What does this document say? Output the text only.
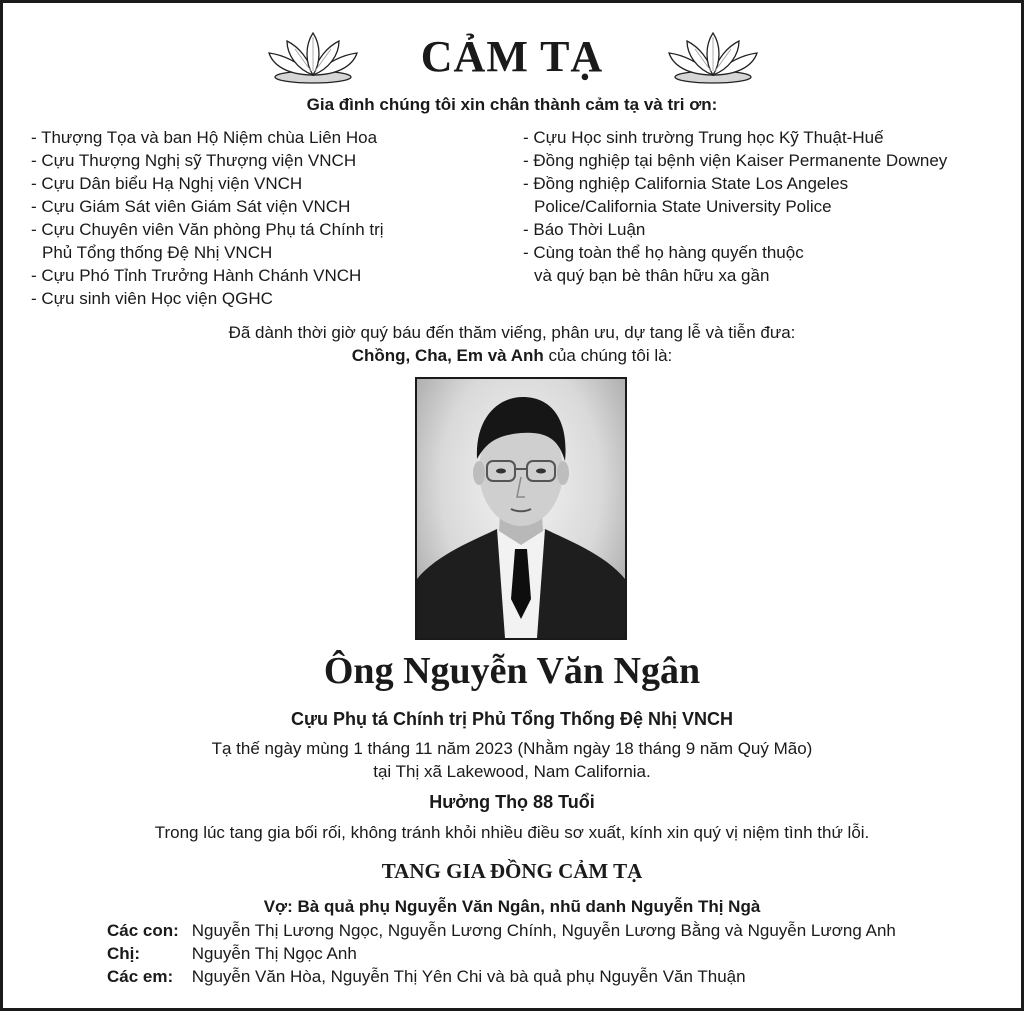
CẢM TẠ
Gia đình chúng tôi xin chân thành cảm tạ và tri ơn:
- Thượng Tọa và ban Hộ Niệm chùa Liên Hoa
- Cựu Thượng Nghị sỹ Thượng viện VNCH
- Cựu Dân biểu Hạ Nghị viện VNCH
- Cựu Giám Sát viên Giám Sát viện VNCH
- Cựu Chuyên viên Văn phòng Phụ tá Chính trị
Phủ Tổng thống Đệ Nhị VNCH
- Cựu Phó Tỉnh Trưởng Hành Chánh VNCH
- Cựu sinh viên Học viện QGHC
- Cựu Học sinh trường Trung học Kỹ Thuật-Huế
- Đồng nghiệp tại bệnh viện Kaiser Permanente Downey
- Đồng nghiệp California State Los Angeles
Police/California State University Police
- Báo Thời Luận
- Cùng toàn thể họ hàng quyến thuộc
và quý bạn bè thân hữu xa gần
Đã dành thời giờ quý báu đến thăm viếng, phân ưu, dự tang lễ và tiễn đưa:
Chồng, Cha, Em và Anh của chúng tôi là:
Ông Nguyễn Văn Ngân
Cựu Phụ tá Chính trị Phủ Tổng Thống Đệ Nhị VNCH
Tạ thế ngày mùng 1 tháng 11 năm 2023 (Nhằm ngày 18 tháng 9 năm Quý Mão)
tại Thị xã Lakewood, Nam California.
Hưởng Thọ 88 Tuổi
Trong lúc tang gia bối rối, không tránh khỏi nhiều điều sơ xuất, kính xin quý vị niệm tình thứ lỗi.
TANG GIA ĐỒNG CẢM TẠ
Vợ: Bà quả phụ Nguyễn Văn Ngân, nhũ danh Nguyễn Thị Ngà
Các con: Nguyễn Thị Lương Ngọc, Nguyễn Lương Chính, Nguyễn Lương Bằng và Nguyễn Lương Anh
Chị:	Nguyễn Thị Ngọc Anh
Các em: Nguyễn Văn Hòa, Nguyễn Thị Yên Chi và bà quả phụ Nguyễn Văn Thuận
